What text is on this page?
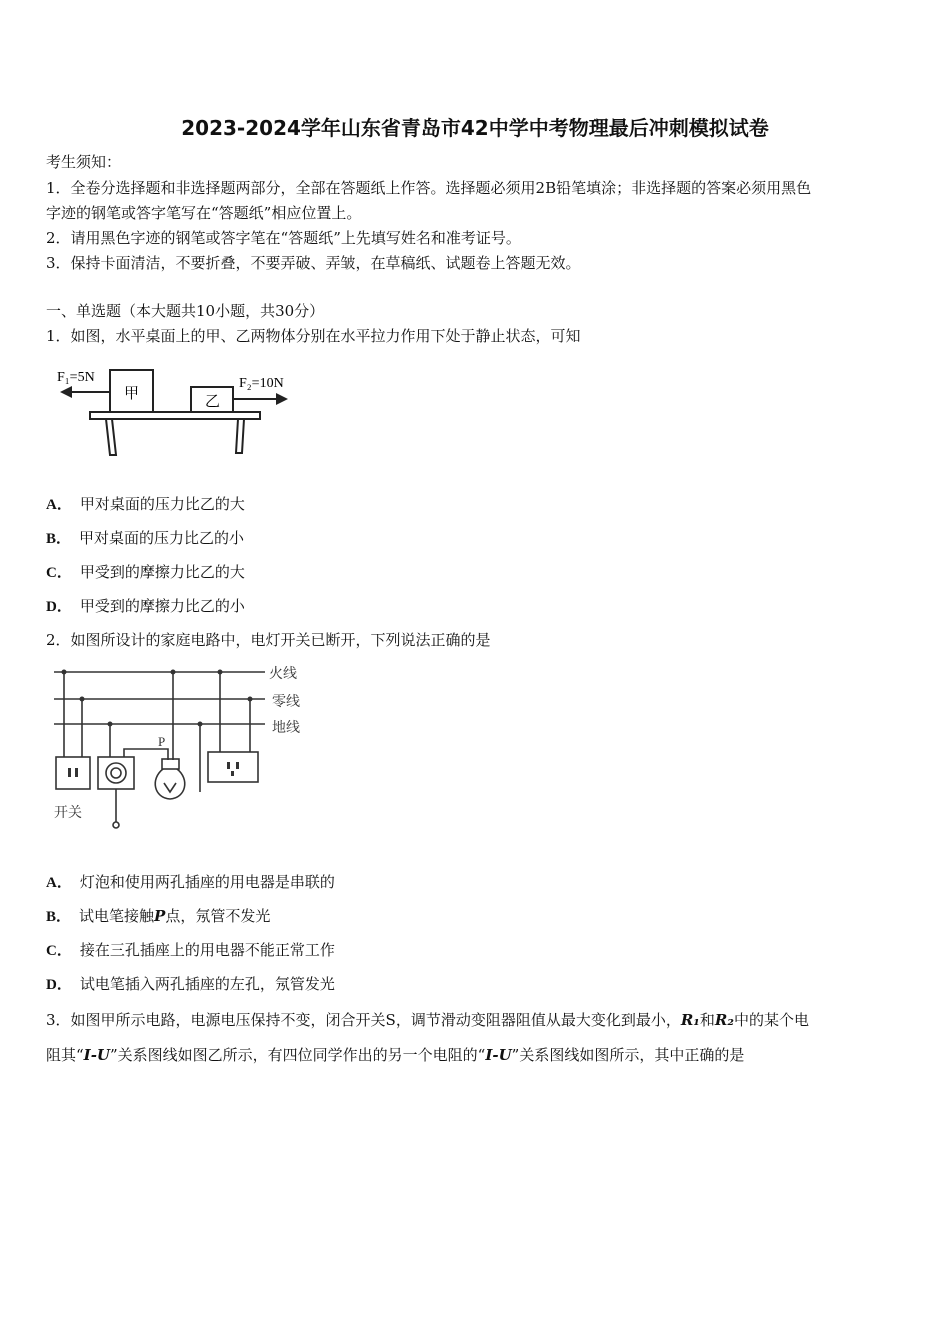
2023-2024学年山东省青岛市42中学中考物理最后冲刺模拟试卷
考生须知：
1．全卷分选择题和非选择题两部分，全部在答题纸上作答。选择题必须用2B铅笔填涂；非选择题的答案必须用黑色
字迹的钢笔或答字笔写在“答题纸”相应位置上。
2．请用黑色字迹的钢笔或答字笔在“答题纸”上先填写姓名和准考证号。
3．保持卡面清洁，不要折叠，不要弄破、弄皱，在草稿纸、试题卷上答题无效。
一、单选题（本大题共10小题，共30分）
1．如图，水平桌面上的甲、乙两物体分别在水平拉力作用下处于静止状态，可知
F₁=5N	F₂=10N
甲	乙
A． 甲对桌面的压力比乙的大
B． 甲对桌面的压力比乙的小
C． 甲受到的摩擦力比乙的大
D． 甲受到的摩擦力比乙的小
2．如图所设计的家庭电路中，电灯开关已断开，下列说法正确的是
火线
零线
地线
开关
P
A． 灯泡和使用两孔插座的用电器是串联的
B． 试电笔接触P点，氖管不发光
C． 接在三孔插座上的用电器不能正常工作
D． 试电笔插入两孔插座的左孔，氖管发光
3．如图甲所示电路，电源电压保持不变，闭合开关S，调节滑动变阻器阻值从最大变化到最小，R₁和R₂中的某个电
阻其“I-U”关系图线如图乙所示，有四位同学作出的另一个电阻的“I-U”关系图线如图所示，其中正确的是
